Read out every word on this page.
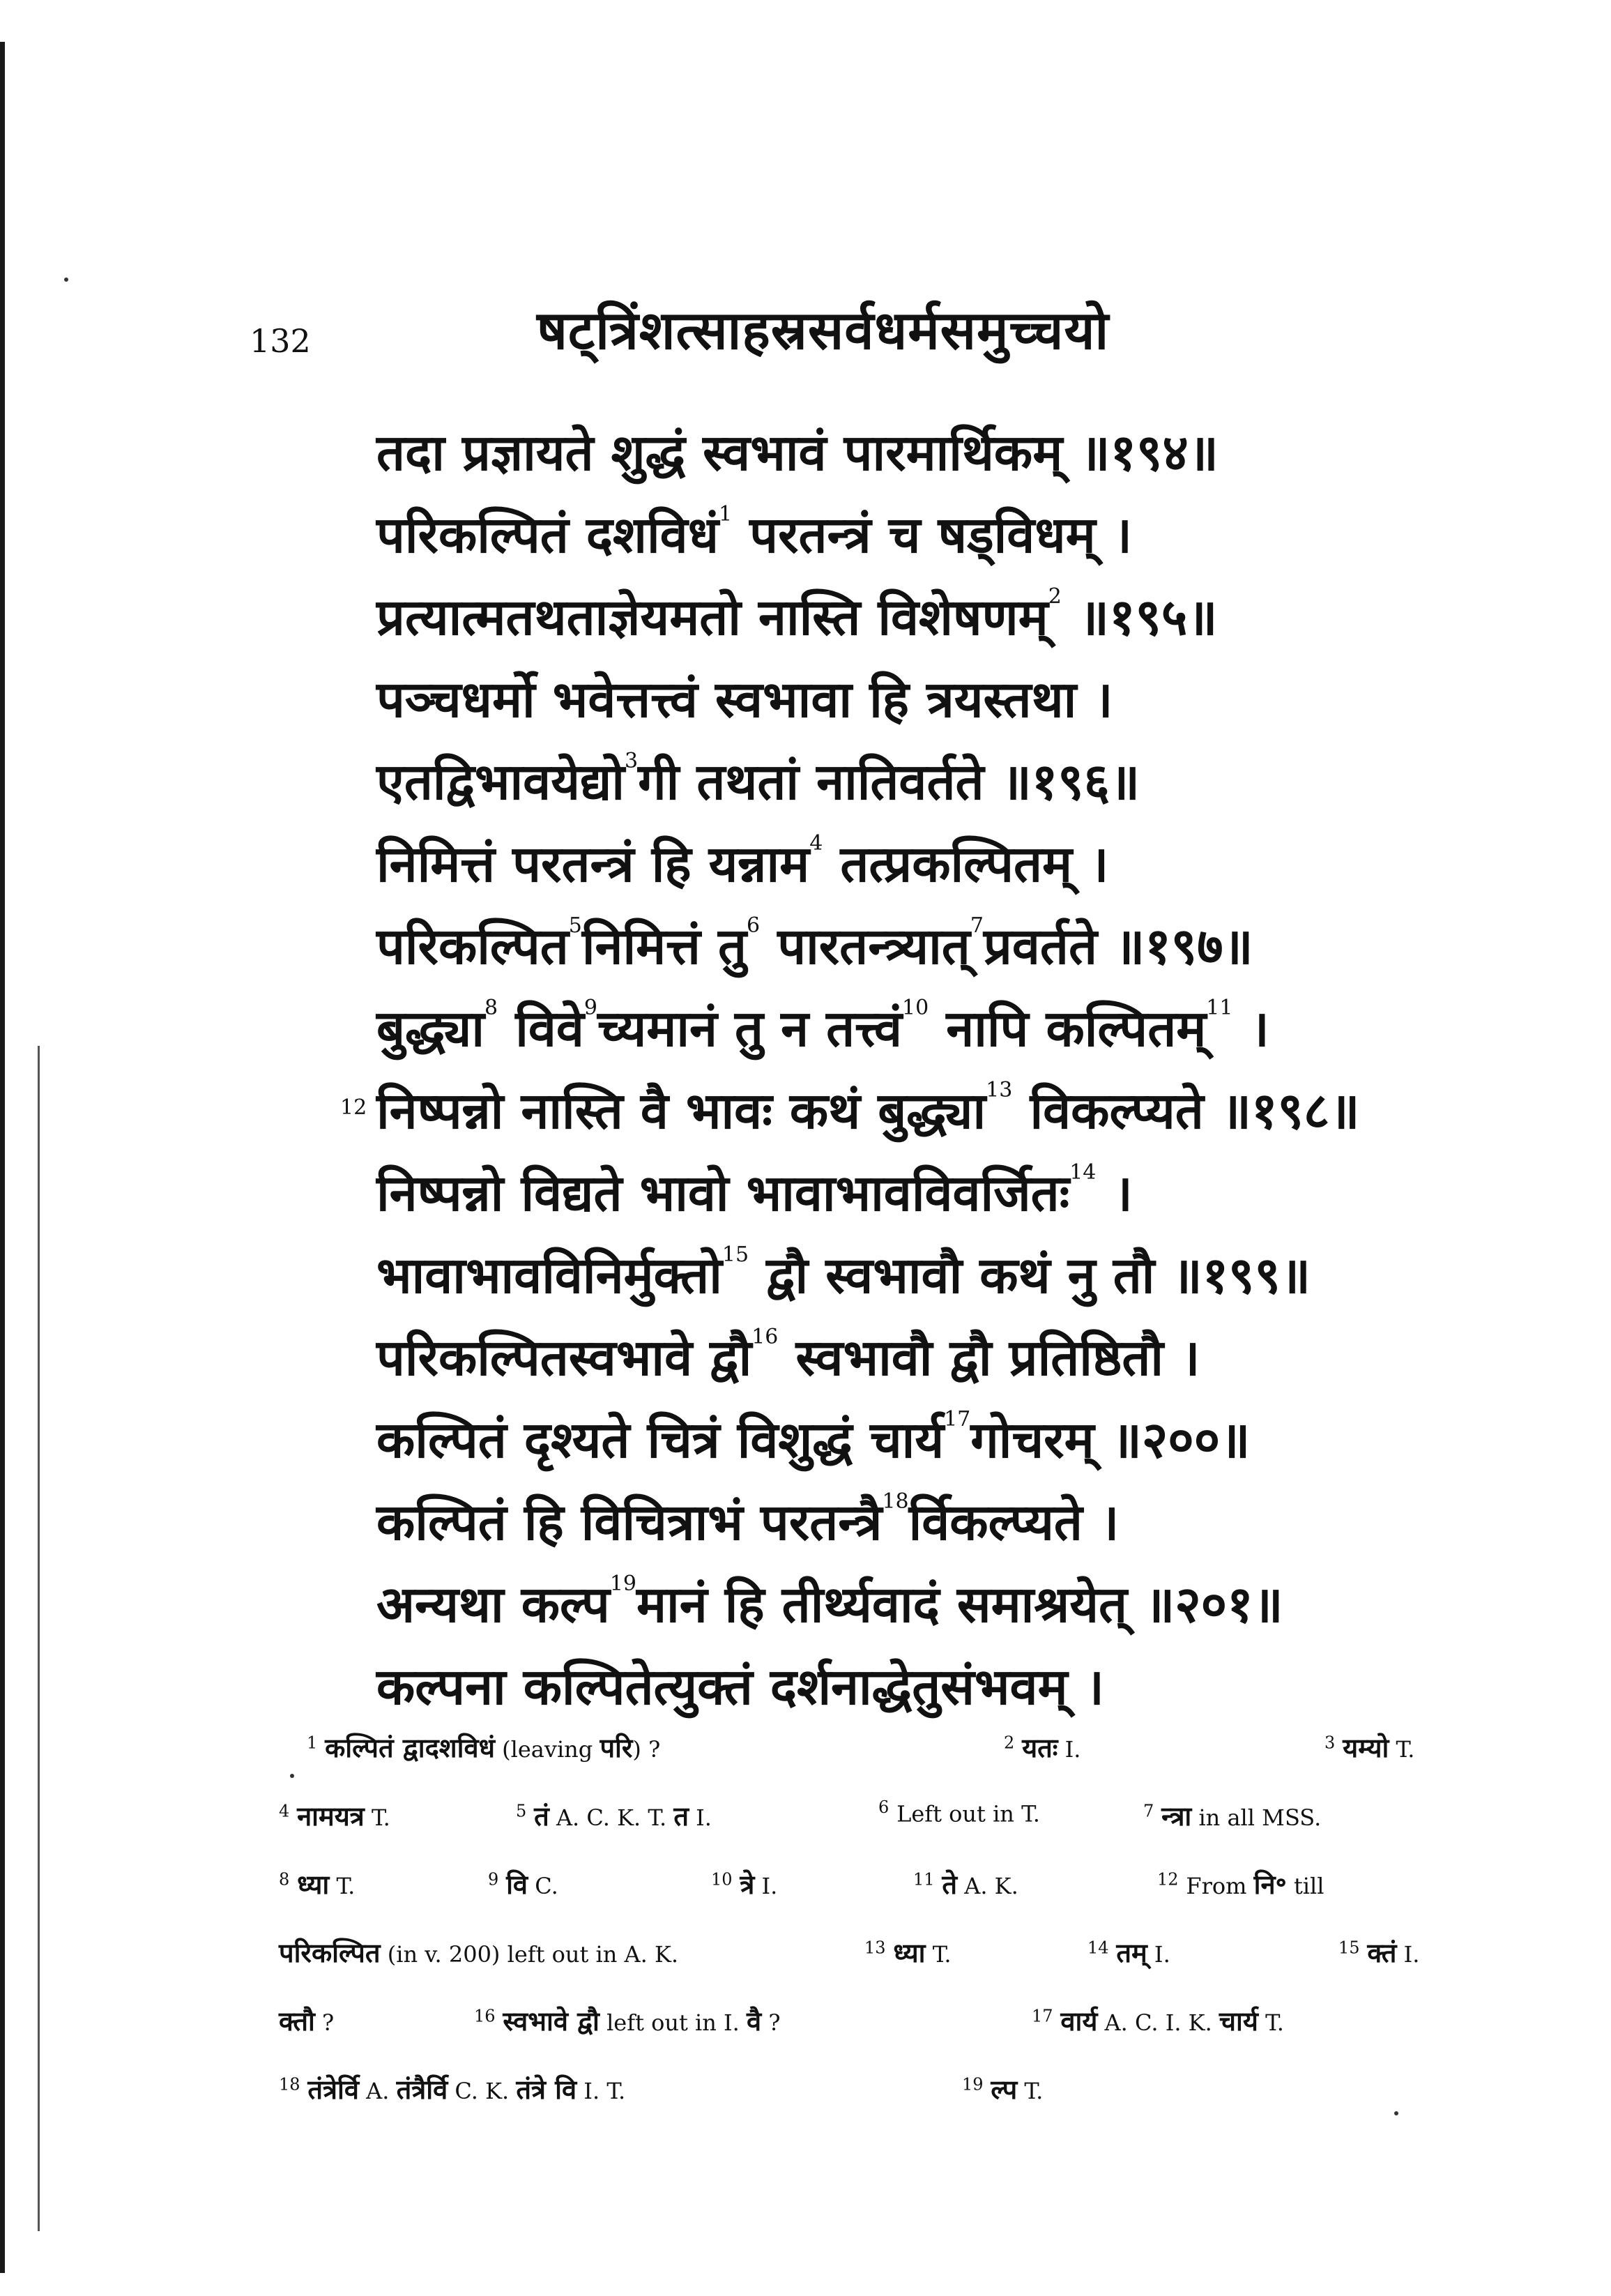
132	षट्त्रिंशत्साहस्रसर्वधर्मसमुच्चयो
तदा प्रज्ञायते शुद्धं स्वभावं पारमार्थिकम् ॥१९४॥
परिकल्पितं दशविधं$^1$ परतन्त्रं च षड्विधम् ।
प्रत्यात्मतथताज्ञेयमतो नास्ति विशेषणम्$^2$ ॥१९५॥
पञ्चधर्मो भवेत्तत्त्वं स्वभावा हि त्रयस्तथा ।
एतद्विभावयेद्यो$^3$गी तथतां नातिवर्तते ॥१९६॥
निमित्तं परतन्त्रं हि यन्नाम$^4$ तत्प्रकल्पितम् ।
परिकल्पित$^5$निमित्तं तु$^6$ पारतन्त्र्यात्$^7$प्रवर्तते ॥१९७॥
बुद्ध्या$^8$ विवे$^9$च्यमानं तु न तत्त्वं$^{10}$ नापि कल्पितम्$^{11}$ ।
12 निष्पन्नो नास्ति वै भावः कथं बुद्ध्या$^{13}$ विकल्प्यते ॥१९८॥
निष्पन्नो विद्यते भावो भावाभावविवर्जितः$^{14}$ ।
भावाभावविनिर्मुक्तो$^{15}$ द्वौ स्वभावौ कथं नु तौ ॥१९९॥
परिकल्पितस्वभावे द्वौ$^{16}$ स्वभावौ द्वौ प्रतिष्ठितौ ।
कल्पितं दृश्यते चित्रं विशुद्धं चार्य$^{17}$गोचरम् ॥२००॥
कल्पितं हि विचित्राभं परतन्त्रै$^{18}$र्विकल्प्यते ।
अन्यथा कल्प$^{19}$मानं हि तीर्थ्यवादं समाश्रयेत् ॥२०१॥
कल्पना कल्पितेत्युक्तं दर्शनाद्धेतुसंभवम् ।
$^1$ कल्पितं द्वादशविधं (leaving परि) ?	$^2$ यतः I.	$^3$ यम्यो T.
$^4$ नामयत्र T.	$^5$ तं A. C. K. T. त I.	$^6$ Left out in T.	$^7$ न्त्रा in all MSS.
$^8$ ध्या T.	$^9$ वि C.	$^{10}$ त्रे I.	$^{11}$ ते A. K.	$^{12}$ From नि॰ till
परिकल्पित (in v. 200) left out in A. K.	$^{13}$ ध्या T.	$^{14}$ तम् I.	$^{15}$ क्तं I.
क्तौ ?	$^{16}$ स्वभावे द्वौ left out in I. वै ?	$^{17}$ वार्य A. C. I. K. चार्य T.
$^{18}$ तंत्रेर्वि A. तंत्रैर्वि C. K. तंत्रे वि I. T.	$^{19}$ ल्प T.
